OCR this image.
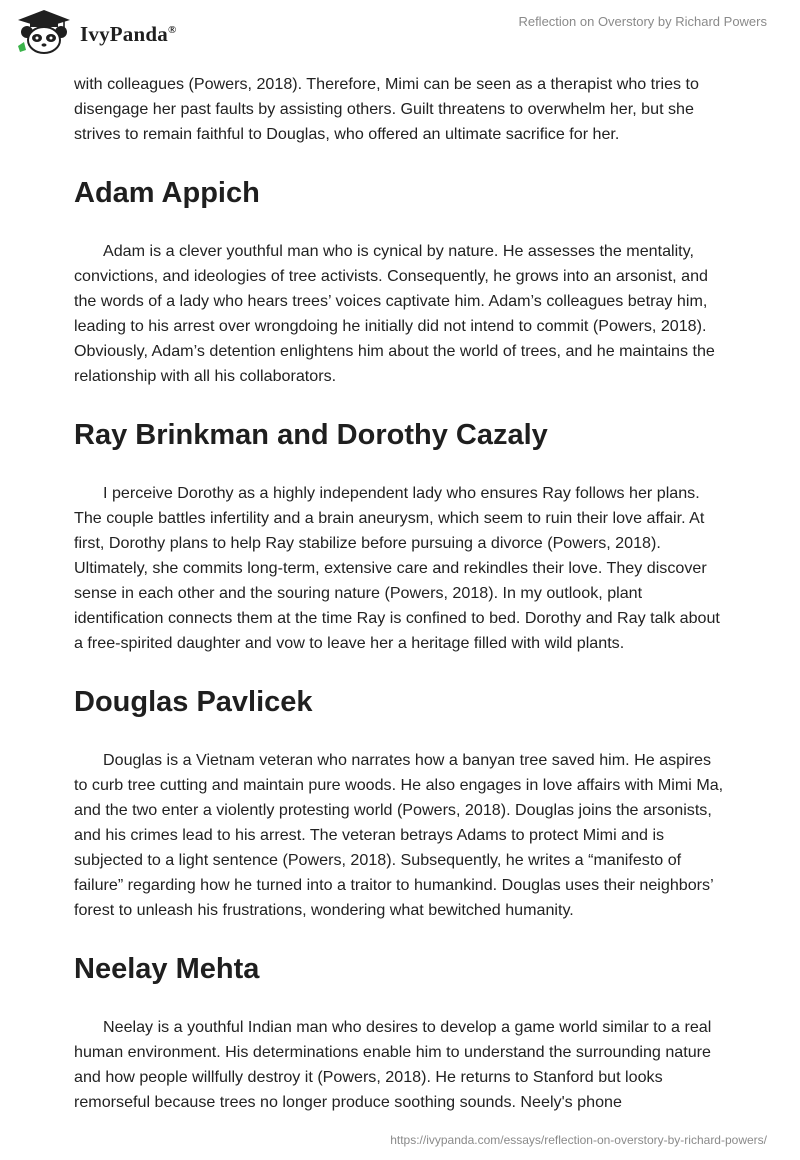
IvyPanda®
Reflection on Overstory by Richard Powers

with colleagues (Powers, 2018). Therefore, Mimi can be seen as a therapist who tries to disengage her past faults by assisting others. Guilt threatens to overwhelm her, but she strives to remain faithful to Douglas, who offered an ultimate sacrifice for her.

Adam Appich

Adam is a clever youthful man who is cynical by nature. He assesses the mentality, convictions, and ideologies of tree activists. Consequently, he grows into an arsonist, and the words of a lady who hears trees’ voices captivate him. Adam’s colleagues betray him, leading to his arrest over wrongdoing he initially did not intend to commit (Powers, 2018). Obviously, Adam’s detention enlightens him about the world of trees, and he maintains the relationship with all his collaborators.

Ray Brinkman and Dorothy Cazaly

I perceive Dorothy as a highly independent lady who ensures Ray follows her plans. The couple battles infertility and a brain aneurysm, which seem to ruin their love affair. At first, Dorothy plans to help Ray stabilize before pursuing a divorce (Powers, 2018). Ultimately, she commits long-term, extensive care and rekindles their love. They discover sense in each other and the souring nature (Powers, 2018). In my outlook, plant identification connects them at the time Ray is confined to bed. Dorothy and Ray talk about a free-spirited daughter and vow to leave her a heritage filled with wild plants.

Douglas Pavlicek

Douglas is a Vietnam veteran who narrates how a banyan tree saved him. He aspires to curb tree cutting and maintain pure woods. He also engages in love affairs with Mimi Ma, and the two enter a violently protesting world (Powers, 2018). Douglas joins the arsonists, and his crimes lead to his arrest. The veteran betrays Adams to protect Mimi and is subjected to a light sentence (Powers, 2018). Subsequently, he writes a “manifesto of failure” regarding how he turned into a traitor to humankind. Douglas uses their neighbors’ forest to unleash his frustrations, wondering what bewitched humanity.

Neelay Mehta

Neelay is a youthful Indian man who desires to develop a game world similar to a real human environment. His determinations enable him to understand the surrounding nature and how people willfully destroy it (Powers, 2018). He returns to Stanford but looks remorseful because trees no longer produce soothing sounds. Neely's phone

https://ivypanda.com/essays/reflection-on-overstory-by-richard-powers/
